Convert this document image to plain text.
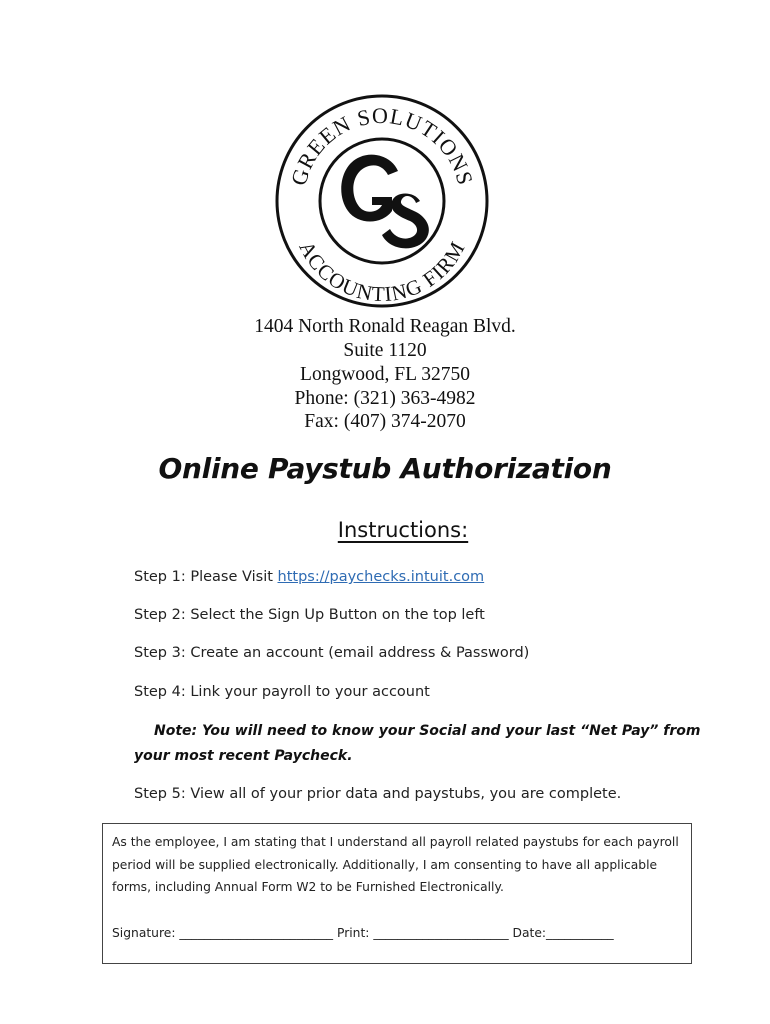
GREEN SOLUTIONS
ACCOUNTING FIRM
1404 North Ronald Reagan Blvd.
Suite 1120
Longwood, FL 32750
Phone: (321) 363-4982
Fax: (407) 374-2070
Online Paystub Authorization
Instructions:
Step 1: Please Visit https://paychecks.intuit.com
Step 2: Select the Sign Up Button on the top left
Step 3: Create an account (email address & Password)
Step 4: Link your payroll to your account
Note: You will need to know your Social and your last “Net Pay” from
your most recent Paycheck.
Step 5: View all of your prior data and paystubs, you are complete.
As the employee, I am stating that I understand all payroll related paystubs for each payroll
period will be supplied electronically. Additionally, I am consenting to have all applicable
forms, including Annual Form W2 to be Furnished Electronically.
Signature: _________________________ Print: ______________________ Date:___________
